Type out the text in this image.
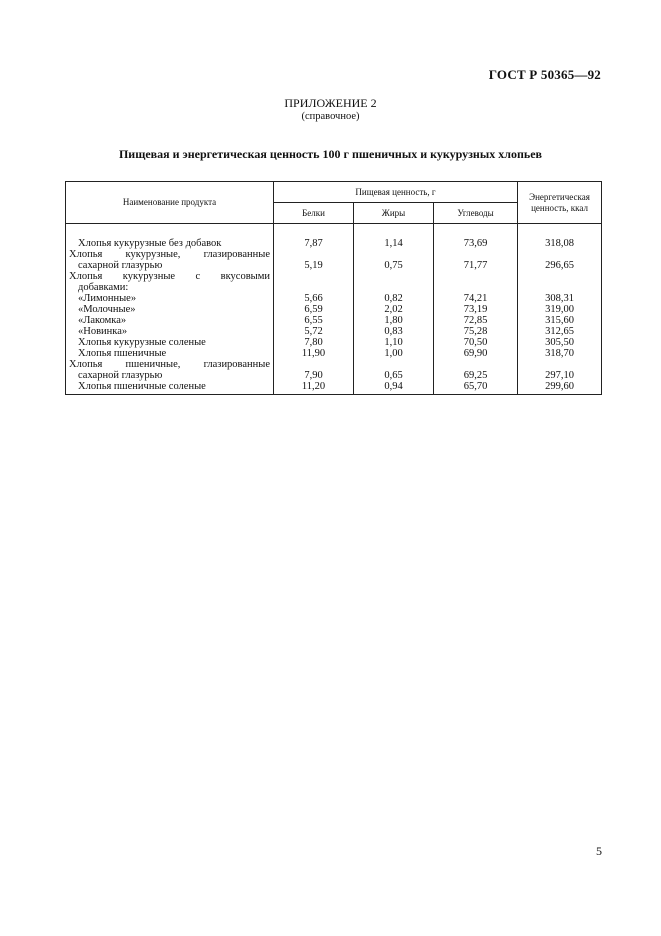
ГОСТ Р 50365—92
ПРИЛОЖЕНИЕ 2
(справочное)
Пищевая и энергетическая ценность 100 г пшеничных и кукурузных хлопьев
Наименование продукта	Пищевая ценность, г			Энергетическая ценность, ккал
	Белки	Жиры	Углеводы	

Хлопья кукурузные без добавок	7,87	1,14	73,69	318,08
Хлопья кукурузные, глазированные				
сахарной глазурью	5,19	0,75	71,77	296,65
Хлопья кукурузные с вкусовыми				
добавками:				
«Лимонные»	5,66	0,82	74,21	308,31
«Молочные»	6,59	2,02	73,19	319,00
«Лакомка»	6,55	1,80	72,85	315,60
«Новинка»	5,72	0,83	75,28	312,65
Хлопья кукурузные соленые	7,80	1,10	70,50	305,50
Хлопья пшеничные	11,90	1,00	69,90	318,70
Хлопья пшеничные, глазированные				
сахарной глазурью	7,90	0,65	69,25	297,10
Хлопья пшеничные соленые	11,20	0,94	65,70	299,60

5
